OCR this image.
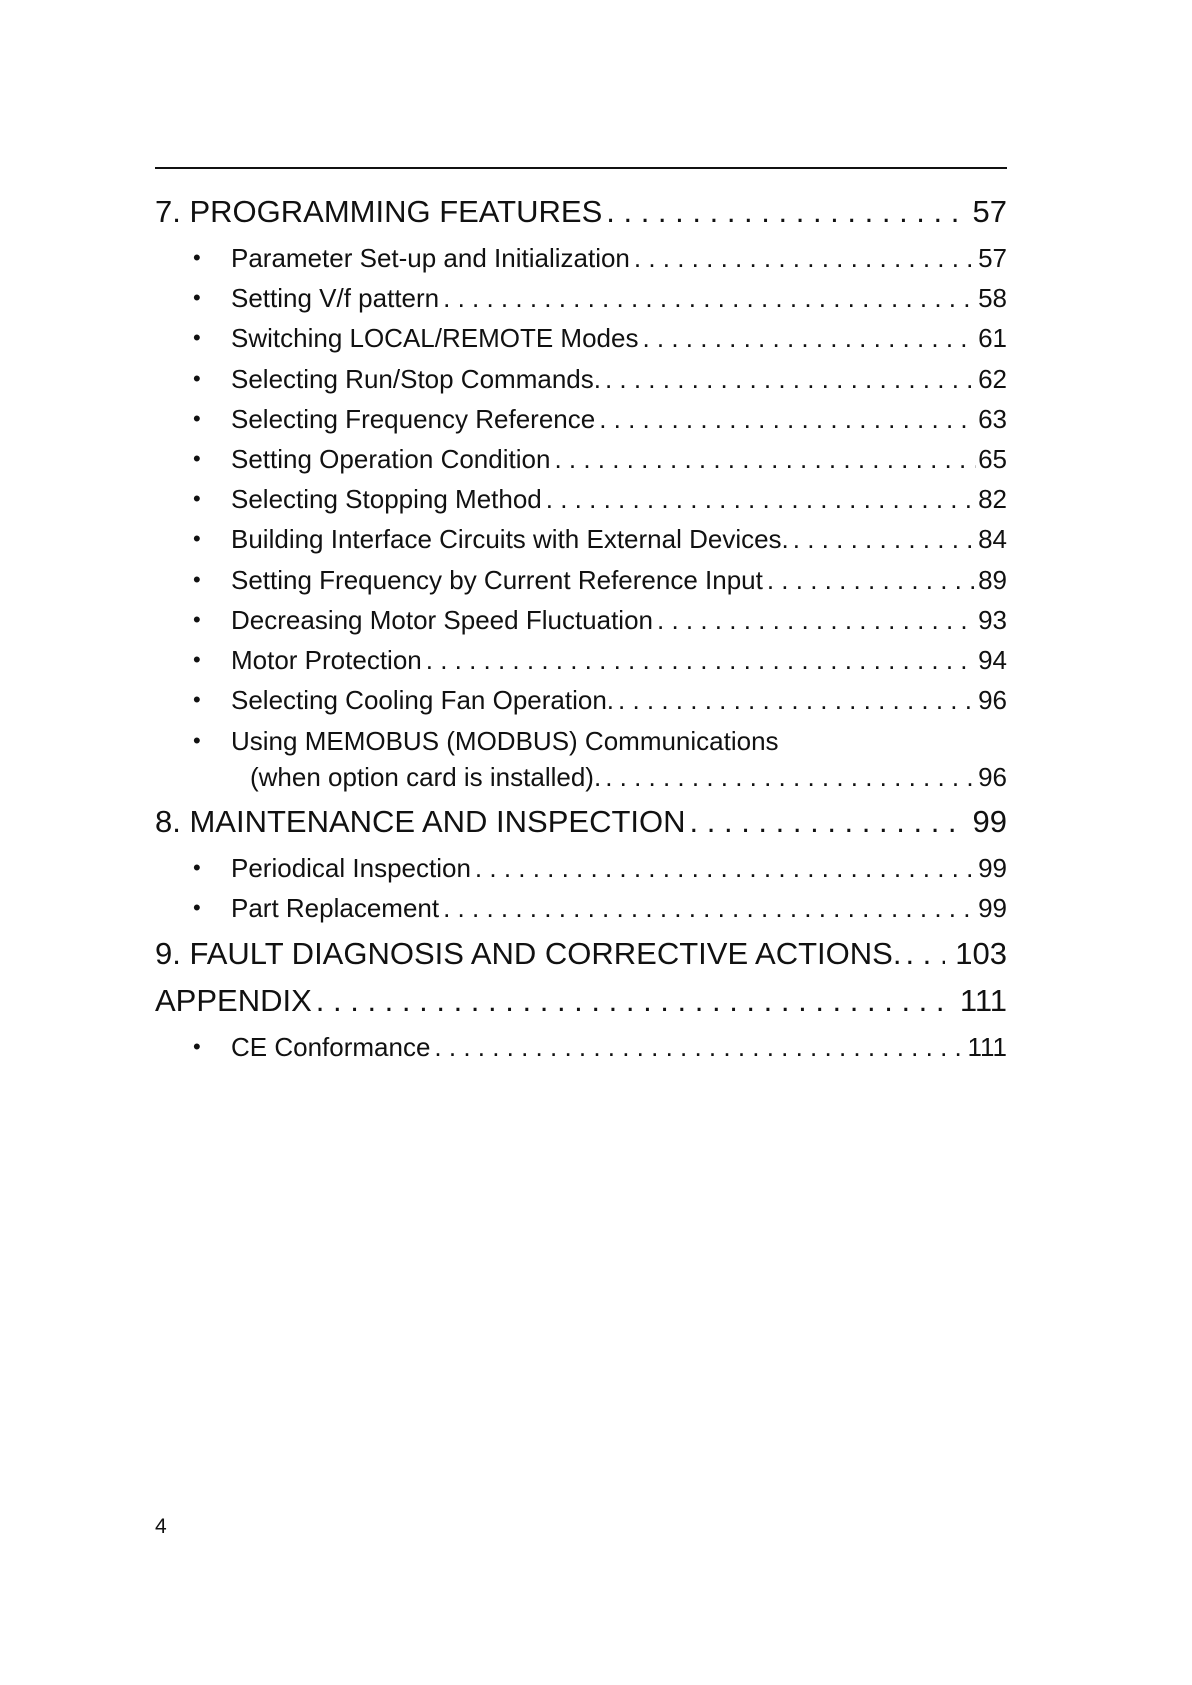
7. PROGRAMMING FEATURES . . .	57
• Parameter Set-up and Initialization . . .	57
• Setting V/f pattern . . .	58
• Switching LOCAL/REMOTE Modes . . .	61
• Selecting Run/Stop Commands. . . .	62
• Selecting Frequency Reference . . .	63
• Setting Operation Condition . . .	65
• Selecting Stopping Method . . .	82
• Building Interface Circuits with External Devices. . . .	84
• Setting Frequency by Current Reference Input . . .	89
• Decreasing Motor Speed Fluctuation . . .	93
• Motor Protection . . .	94
• Selecting Cooling Fan Operation. . . .	96
• Using MEMOBUS (MODBUS) Communications
(when option card is installed). . . .	96
8. MAINTENANCE AND INSPECTION . . .	99
• Periodical Inspection . . .	99
• Part Replacement . . .	99
9. FAULT DIAGNOSIS AND CORRECTIVE ACTIONS. . . .	103
APPENDIX . . .	111
• CE Conformance . . .	111
4
